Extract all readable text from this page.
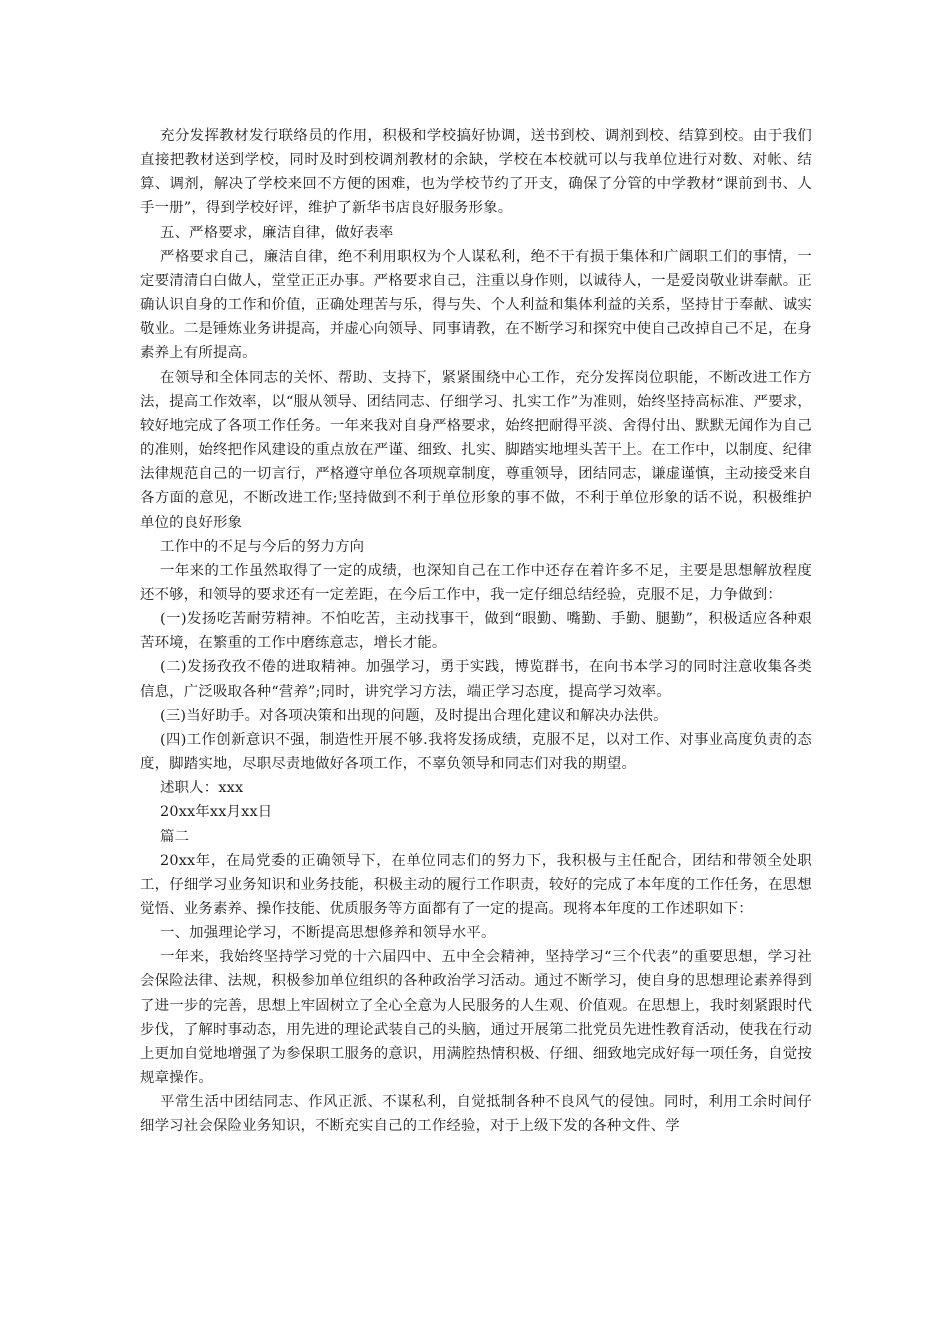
充分发挥教材发行联络员的作用，积极和学校搞好协调，送书到校、调剂到校、结算到校。由于我们直接把教材送到学校，同时及时到校调剂教材的余缺，学校在本校就可以与我单位进行对数、对帐、结算、调剂，解决了学校来回不方便的困难，也为学校节约了开支，确保了分管的中学教材“课前到书、人手一册”，得到学校好评，维护了新华书店良好服务形象。

五、严格要求，廉洁自律，做好表率

严格要求自己，廉洁自律，绝不利用职权为个人谋私利，绝不干有损于集体和广阔职工们的事情，一定要清清白白做人，堂堂正正办事。严格要求自己，注重以身作则，以诚待人，一是爱岗敬业讲奉献。正确认识自身的工作和价值，正确处理苦与乐，得与失、个人利益和集体利益的关系，坚持甘于奉献、诚实敬业。二是锤炼业务讲提高，并虚心向领导、同事请教，在不断学习和探究中使自己改掉自己不足，在身素养上有所提高。

在领导和全体同志的关怀、帮助、支持下，紧紧围绕中心工作，充分发挥岗位职能，不断改进工作方法，提高工作效率，以“服从领导、团结同志、仔细学习、扎实工作”为准则，始终坚持高标准、严要求，较好地完成了各项工作任务。一年来我对自身严格要求，始终把耐得平淡、舍得付出、默默无闻作为自己的准则，始终把作风建设的重点放在严谨、细致、扎实、脚踏实地埋头苦干上。在工作中，以制度、纪律法律规范自己的一切言行，严格遵守单位各项规章制度，尊重领导，团结同志，谦虚谨慎，主动接受来自各方面的意见，不断改进工作;坚持做到不利于单位形象的事不做，不利于单位形象的话不说，积极维护单位的良好形象

工作中的不足与今后的努力方向

一年来的工作虽然取得了一定的成绩，也深知自己在工作中还存在着许多不足，主要是思想解放程度还不够，和领导的要求还有一定差距，在今后工作中，我一定仔细总结经验，克服不足，力争做到：

(一)发扬吃苦耐劳精神。不怕吃苦，主动找事干，做到“眼勤、嘴勤、手勤、腿勤”，积极适应各种艰苦环境，在繁重的工作中磨练意志，增长才能。

(二)发扬孜孜不倦的进取精神。加强学习，勇于实践，博览群书，在向书本学习的同时注意收集各类信息，广泛吸取各种“营养”;同时，讲究学习方法，端正学习态度，提高学习效率。

(三)当好助手。对各项决策和出现的问题，及时提出合理化建议和解决办法供。

(四)工作创新意识不强，制造性开展不够.我将发扬成绩，克服不足，以对工作、对事业高度负责的态度，脚踏实地，尽职尽责地做好各项工作，不辜负领导和同志们对我的期望。

述职人：xxx

20xx年xx月xx日

篇二

20xx年，在局党委的正确领导下，在单位同志们的努力下，我积极与主任配合，团结和带领全处职工，仔细学习业务知识和业务技能，积极主动的履行工作职责，较好的完成了本年度的工作任务，在思想觉悟、业务素养、操作技能、优质服务等方面都有了一定的提高。现将本年度的工作述职如下：

一、加强理论学习，不断提高思想修养和领导水平。

一年来，我始终坚持学习党的十六届四中、五中全会精神，坚持学习“三个代表”的重要思想，学习社会保险法律、法规，积极参加单位组织的各种政治学习活动。通过不断学习，使自身的思想理论素养得到了进一步的完善，思想上牢固树立了全心全意为人民服务的人生观、价值观。在思想上，我时刻紧跟时代步伐，了解时事动态，用先进的理论武装自己的头脑，通过开展第二批党员先进性教育活动，使我在行动上更加自觉地增强了为参保职工服务的意识，用满腔热情积极、仔细、细致地完成好每一项任务，自觉按规章操作。

平常生活中团结同志、作风正派、不谋私利，自觉抵制各种不良风气的侵蚀。同时，利用工余时间仔细学习社会保险业务知识，不断充实自己的工作经验，对于上级下发的各种文件、学
